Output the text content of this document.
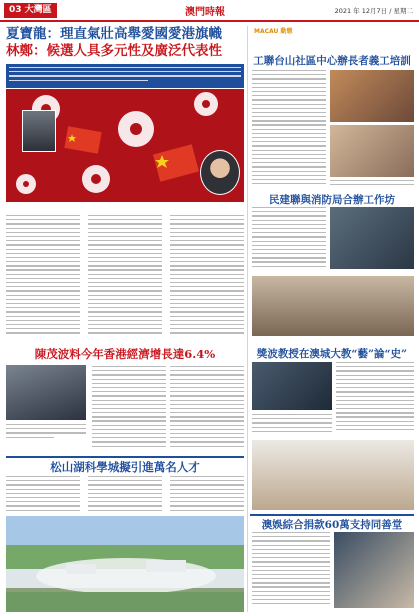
03 大灣區	澳門時報	2021 年 12月7日 / 星期二
夏寶龍：理直氣壯高舉愛國愛港旗幟
林鄭：候選人具多元性及廣泛代表性
陳茂波料今年香港經濟增長達6.4%
松山湖科學城擬引進萬名人才
MACAU 動態
工聯台山社區中心辦長者義工培訓
民建聯與消防局合辦工作坊
獎波教授在澳城大教“藝”論“史”
澳娛綜合捐款60萬支持同善堂
